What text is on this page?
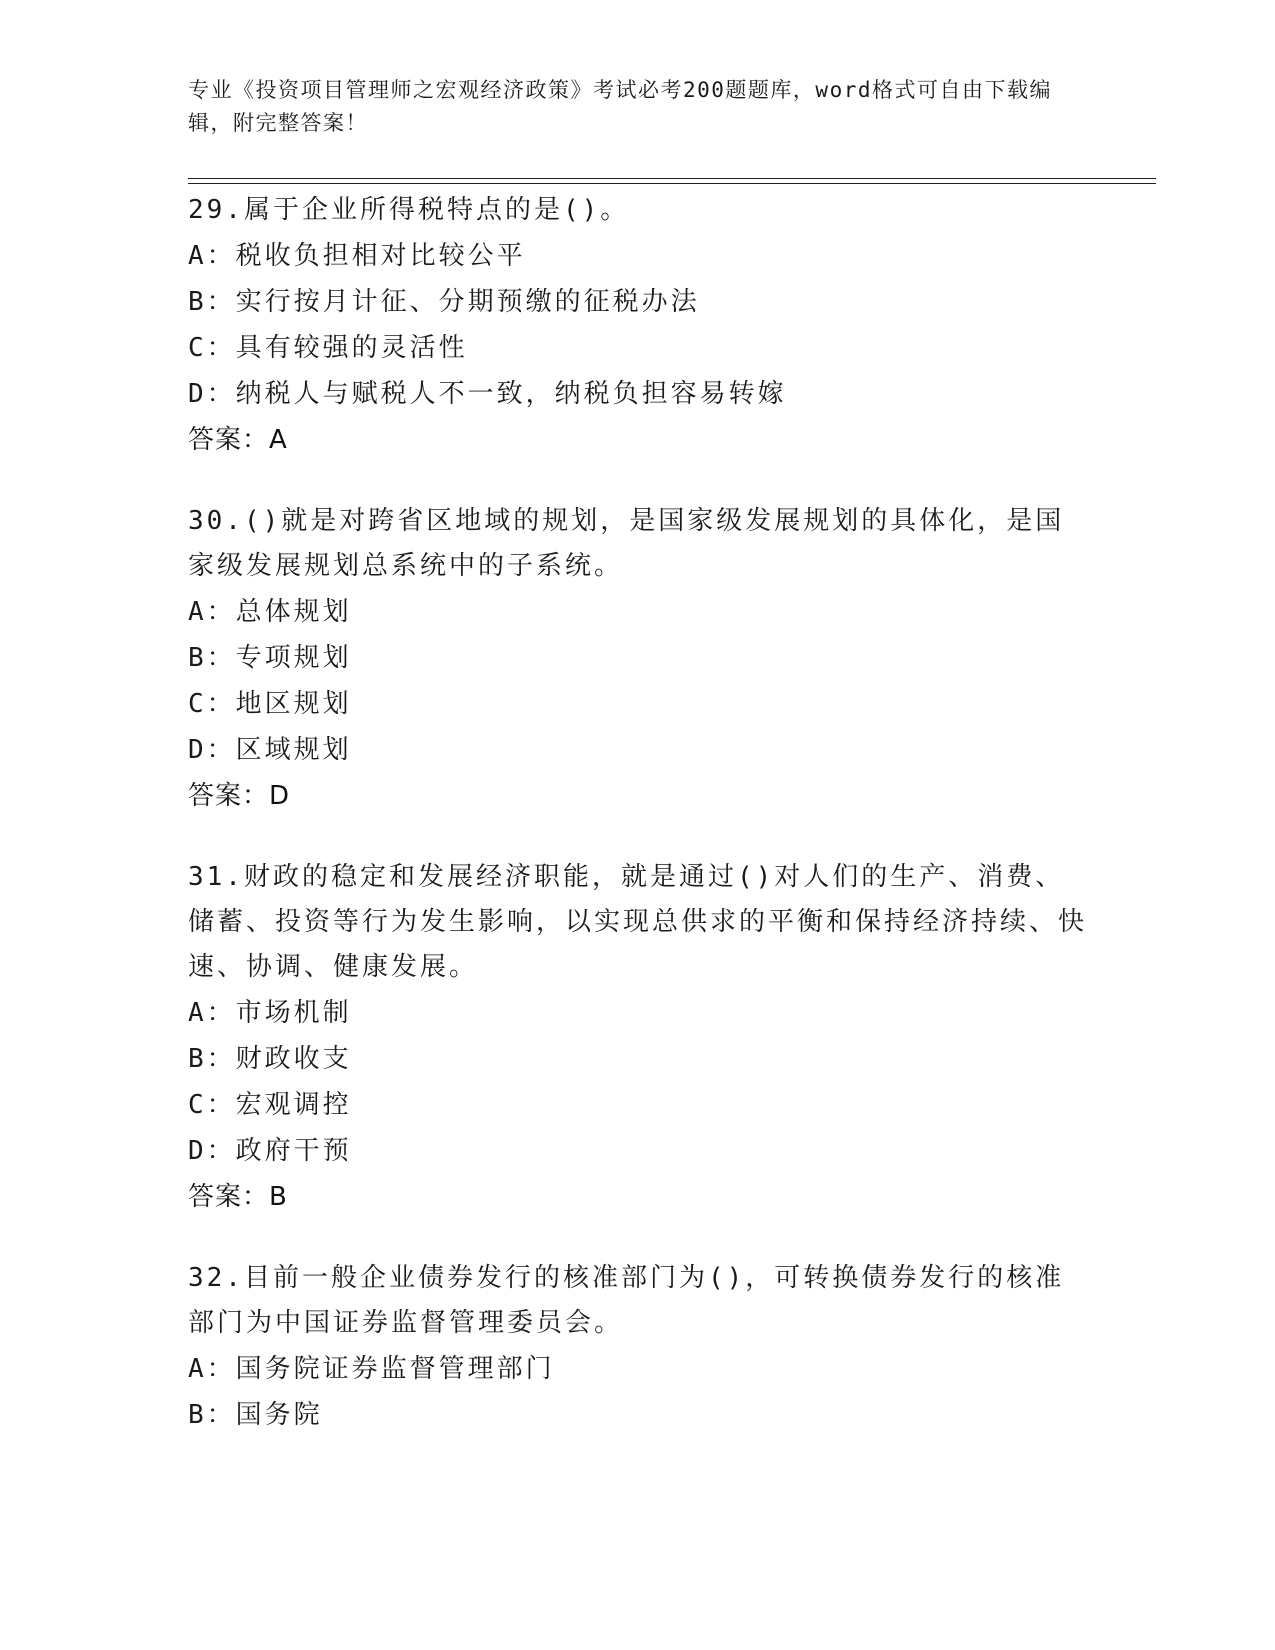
专业《投资项目管理师之宏观经济政策》考试必考200题题库，word格式可自由下载编辑，附完整答案！

29.属于企业所得税特点的是()。

A：税收负担相对比较公平

B：实行按月计征、分期预缴的征税办法

C：具有较强的灵活性

D：纳税人与赋税人不一致，纳税负担容易转嫁

答案：A

30.()就是对跨省区地域的规划，是国家级发展规划的具体化，是国家级发展规划总系统中的子系统。

A：总体规划

B：专项规划

C：地区规划

D：区域规划

答案：D

31.财政的稳定和发展经济职能，就是通过()对人们的生产、消费、储蓄、投资等行为发生影响，以实现总供求的平衡和保持经济持续、快速、协调、健康发展。

A：市场机制

B：财政收支

C：宏观调控

D：政府干预

答案：B

32.目前一般企业债券发行的核准部门为()，可转换债券发行的核准部门为中国证券监督管理委员会。

A：国务院证券监督管理部门

B：国务院
